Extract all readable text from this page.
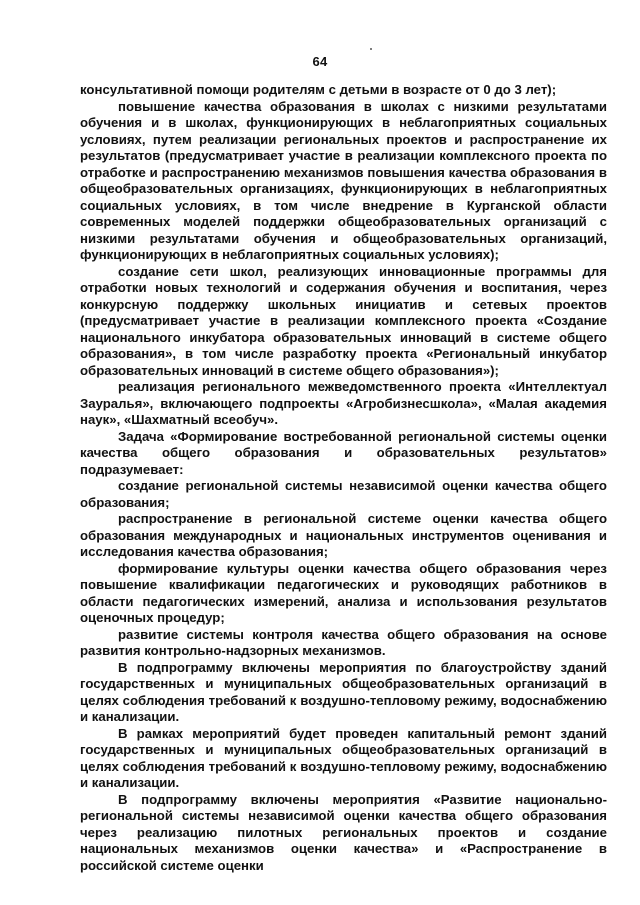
64

консультативной помощи родителям с детьми в возрасте от 0 до 3 лет);

повышение качества образования в школах с низкими результатами обучения и в школах, функционирующих в неблагоприятных социальных условиях, путем реализации региональных проектов и распространение их результатов (предусматривает участие в реализации комплексного проекта по отработке и распространению механизмов повышения качества образования в общеобразовательных организациях, функционирующих в неблагоприятных социальных условиях, в том числе внедрение в Курганской области современных моделей поддержки общеобразовательных организаций с низкими результатами обучения и общеобразовательных организаций, функционирующих в неблагоприятных социальных условиях);

создание сети школ, реализующих инновационные программы для отработки новых технологий и содержания обучения и воспитания, через конкурсную поддержку школьных инициатив и сетевых проектов (предусматривает участие в реализации комплексного проекта «Создание национального инкубатора образовательных инноваций в системе общего образования», в том числе разработку проекта «Региональный инкубатор образовательных инноваций в системе общего образования»);

реализация регионального межведомственного проекта «Интеллектуал Зауралья», включающего подпроекты «Агробизнесшкола», «Малая академия наук», «Шахматный всеобуч».

Задача «Формирование востребованной региональной системы оценки качества общего образования и образовательных результатов» подразумевает:

создание региональной системы независимой оценки качества общего образования;

распространение в региональной системе оценки качества общего образования международных и национальных инструментов оценивания и исследования качества образования;

формирование культуры оценки качества общего образования через повышение квалификации педагогических и руководящих работников в области педагогических измерений, анализа и использования результатов оценочных процедур;

развитие системы контроля качества общего образования на основе развития контрольно-надзорных механизмов.

В подпрограмму включены мероприятия по благоустройству зданий государственных и муниципальных общеобразовательных организаций в целях соблюдения требований к воздушно-тепловому режиму, водоснабжению и канализации.

В рамках мероприятий будет проведен капитальный ремонт зданий государственных и муниципальных общеобразовательных организаций в целях соблюдения требований к воздушно-тепловому режиму, водоснабжению и канализации.

В подпрограмму включены мероприятия «Развитие национально-региональной системы независимой оценки качества общего образования через реализацию пилотных региональных проектов и создание национальных механизмов оценки качества» и «Распространение в российской системе оценки
